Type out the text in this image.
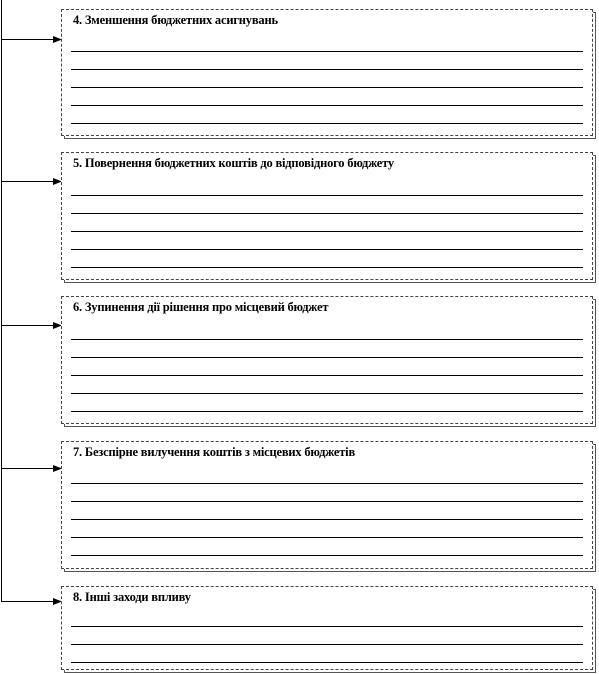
4. Зменшення бюджетних асигнувань
5. Повернення бюджетних коштів до відповідного бюджету
6. Зупинення дії рішення про місцевий бюджет
7. Безспірне вилучення коштів з місцевих бюджетів
8. Інші заходи впливу
